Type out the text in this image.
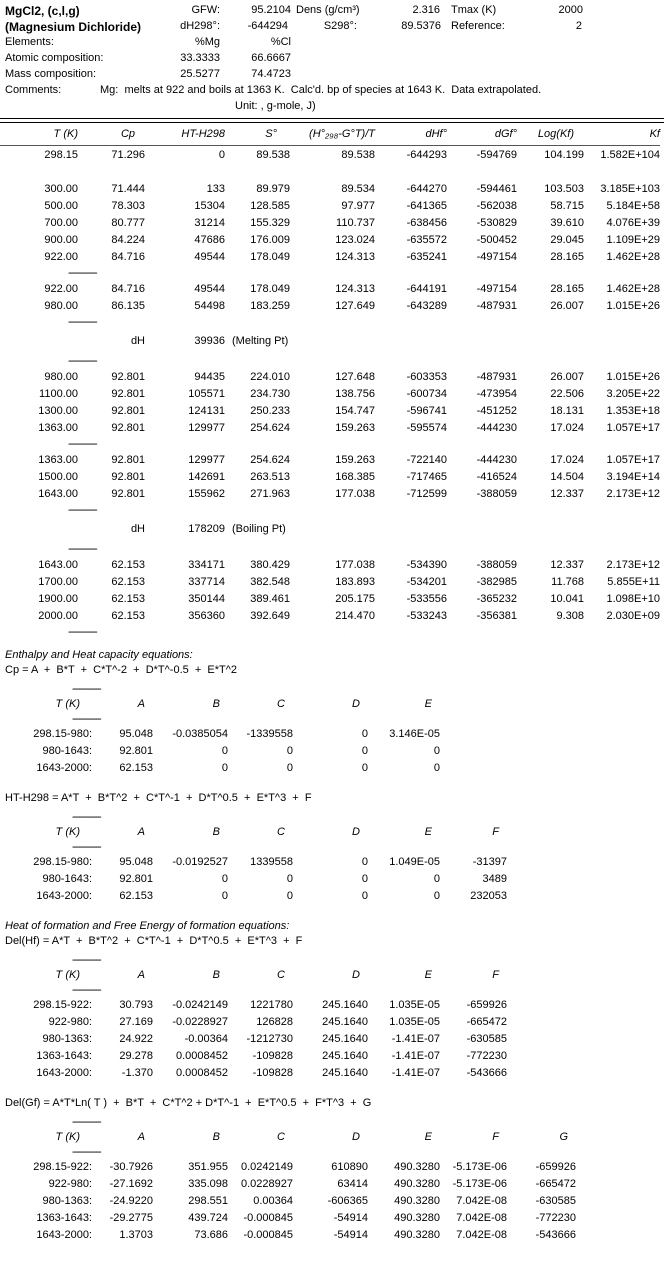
MgCl2, (c,l,g)	GFW:	95.2104 Dens (g/cm³)	2.316 Tmax (K)	2000
(Magnesium Dichloride)	dH298°:	-644294	S298°:	89.5376 Reference:	2
Elements:	%Mg	%Cl
Atomic composition:	33.3333	66.6667
Mass composition:	25.5277	74.4723
Comments:	Mg:  melts at 922 and boils at 1363 K.  Calc'd. bp of species at 1643 K.  Data extrapolated.
Unit: , g-mole, J)
T (K)	Cp	HT-H298	S°	(H°₂₉₈-G°T)/T	dHf°	dGf°	Log(Kf)	Kf
298.15	71.296	0	89.538	89.538	-644293	-594769	104.199	1.582E+104

300.00	71.444	133	89.979	89.534	-644270	-594461	103.503	3.185E+103
500.00	78.303	15304	128.585	97.977	-641365	-562038	58.715	5.184E+58
700.00	80.777	31214	155.329	110.737	-638456	-530829	39.610	4.076E+39
900.00	84.224	47686	176.009	123.024	-635572	-500452	29.045	1.109E+29
922.00	84.716	49544	178.049	124.313	-635241	-497154	28.165	1.462E+28
-------------								
922.00	84.716	49544	178.049	124.313	-644191	-497154	28.165	1.462E+28
980.00	86.135	54498	183.259	127.649	-643289	-487931	26.007	1.015E+26
-------------								
	dH	39936	(Melting Pt)					
-------------								
980.00	92.801	94435	224.010	127.648	-603353	-487931	26.007	1.015E+26
1100.00	92.801	105571	234.730	138.756	-600734	-473954	22.506	3.205E+22
1300.00	92.801	124131	250.233	154.747	-596741	-451252	18.131	1.353E+18
1363.00	92.801	129977	254.624	159.263	-595574	-444230	17.024	1.057E+17
-------------								
1363.00	92.801	129977	254.624	159.263	-722140	-444230	17.024	1.057E+17
1500.00	92.801	142691	263.513	168.385	-717465	-416524	14.504	3.194E+14
1643.00	92.801	155962	271.963	177.038	-712599	-388059	12.337	2.173E+12
-------------								
	dH	178209	(Boiling Pt)					
-------------								
1643.00	62.153	334171	380.429	177.038	-534390	-388059	12.337	2.173E+12
1700.00	62.153	337714	382.548	183.893	-534201	-382985	11.768	5.855E+11
1900.00	62.153	350144	389.461	205.175	-533556	-365232	10.041	1.098E+10
2000.00	62.153	356360	392.649	214.470	-533243	-356381	9.308	2.030E+09
-------------								
Enthalpy and Heat capacity equations:
Cp = A  +  B*T  +  C*T^-2  +  D*T^-0.5  +  E*T^2
-------------					
T (K)	A	B	C	D	E
-------------					
298.15-980:	95.048	-0.0385054	-1339558	0	3.146E-05
980-1643:	92.801	0	0	0	0
1643-2000:	62.153	0	0	0	0
HT-H298 = A*T  +  B*T^2  +  C*T^-1  +  D*T^0.5  +  E*T^3  +  F
-------------						
T (K)	A	B	C	D	E	F
-------------						
298.15-980:	95.048	-0.0192527	1339558	0	1.049E-05	-31397
980-1643:	92.801	0	0	0	0	3489
1643-2000:	62.153	0	0	0	0	232053
Heat of formation and Free Energy of formation equations:
Del(Hf) = A*T  +  B*T^2  +  C*T^-1  +  D*T^0.5  +  E*T^3  +  F
-------------						
T (K)	A	B	C	D	E	F
-------------						
298.15-922:	30.793	-0.0242149	1221780	245.1640	1.035E-05	-659926
922-980:	27.169	-0.0228927	126828	245.1640	1.035E-05	-665472
980-1363:	24.922	-0.00364	-1212730	245.1640	-1.41E-07	-630585
1363-1643:	29.278	0.0008452	-109828	245.1640	-1.41E-07	-772230
1643-2000:	-1.370	0.0008452	-109828	245.1640	-1.41E-07	-543666
Del(Gf) = A*T*Ln( T )  +  B*T  +  C*T^2 + D*T^-1  +  E*T^0.5  +  F*T^3  +  G
-------------							
T (K)	A	B	C	D	E	F	G
-------------							
298.15-922:	-30.7926	351.955	0.0242149	610890	490.3280	-5.173E-06	-659926
922-980:	-27.1692	335.098	0.0228927	63414	490.3280	-5.173E-06	-665472
980-1363:	-24.9220	298.551	0.00364	-606365	490.3280	7.042E-08	-630585
1363-1643:	-29.2775	439.724	-0.000845	-54914	490.3280	7.042E-08	-772230
1643-2000:	1.3703	73.686	-0.000845	-54914	490.3280	7.042E-08	-543666
